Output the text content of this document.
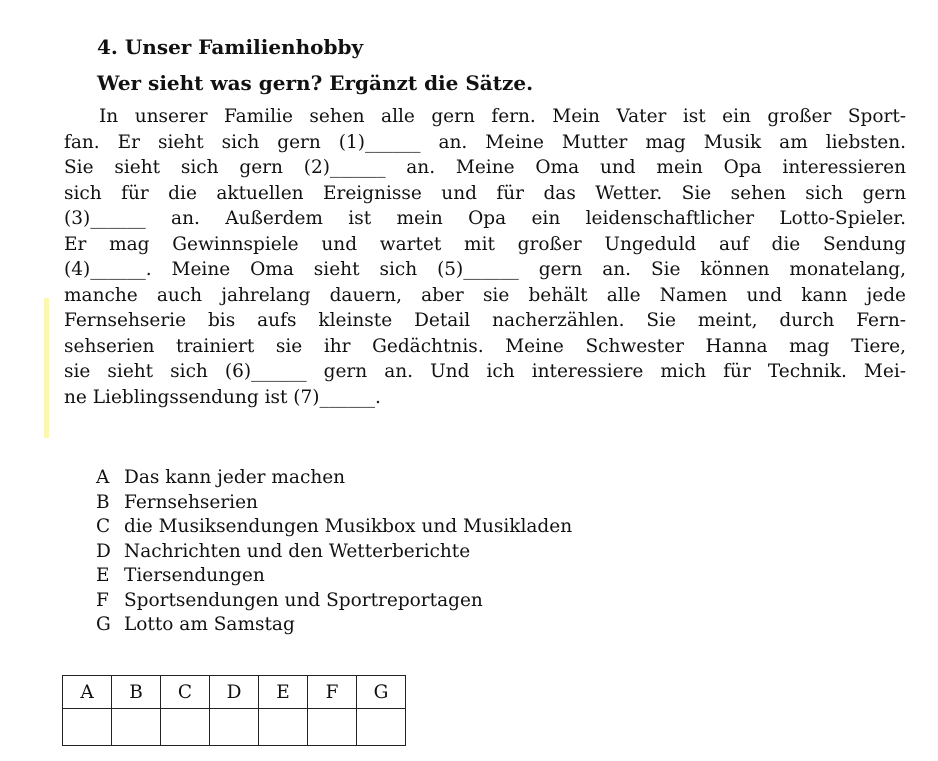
4. Unser Familienhobby
Wer sieht was gern? Ergänzt die Sätze.
In unserer Familie sehen alle gern fern. Mein Vater ist ein großer Sport-
fan. Er sieht sich gern (1)______ an. Meine Mutter mag Musik am liebsten.
Sie sieht sich gern (2)______ an. Meine Oma und mein Opa interessieren
sich für die aktuellen Ereignisse und für das Wetter. Sie sehen sich gern
(3)______ an. Außerdem ist mein Opa ein leidenschaftlicher Lotto-Spieler.
Er mag Gewinnspiele und wartet mit großer Ungeduld auf die Sendung
(4)______. Meine Oma sieht sich (5)______ gern an. Sie können monatelang,
manche auch jahrelang dauern, aber sie behält alle Namen und kann jede
Fernsehserie bis aufs kleinste Detail nacherzählen. Sie meint, durch Fern-
sehserien trainiert sie ihr Gedächtnis. Meine Schwester Hanna mag Tiere,
sie sieht sich (6)______ gern an. Und ich interessiere mich für Technik. Mei-
ne Lieblingssendung ist (7)______.
A Das kann jeder machen
B Fernsehserien
C die Musiksendungen Musikbox und Musikladen
D Nachrichten und den Wetterberichte
E Tiersendungen
F Sportsendungen und Sportreportagen
G Lotto am Samstag
A	B	C	D	E	F	G
